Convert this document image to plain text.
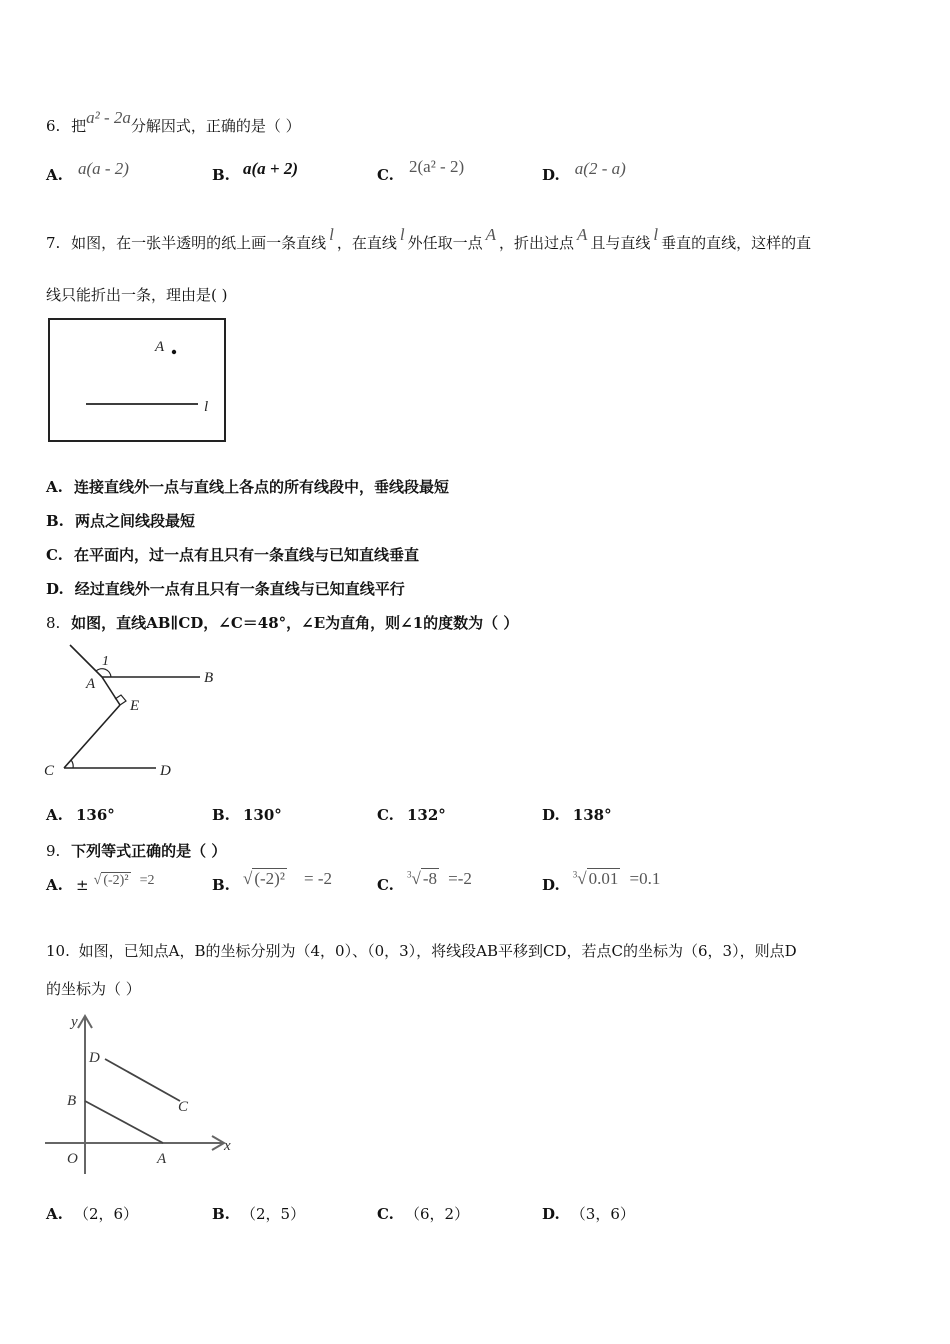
6. 把a² - 2a分解因式，正确的是（ ）
A. a(a - 2)	B. a(a + 2)	C. 2(a² - 2)	D. a(2 - a)
7. 如图，在一张半透明的纸上画一条直线 l ，在直线 l 外任取一点 A ，折出过点 A 且与直线 l 垂直的直线，这样的直
线只能折出一条，理由是( )
A
l
A. 连接直线外一点与直线上各点的所有线段中，垂线段最短
B. 两点之间线段最短
C. 在平面内，过一点有且只有一条直线与已知直线垂直
D. 经过直线外一点有且只有一条直线与已知直线平行
8. 如图，直线AB∥CD，∠C＝48°，∠E为直角，则∠1的度数为（ ）
1
A	B
E
C	D
A. 136°	B. 130°	C. 132°	D. 138°
9. 下列等式正确的是（ ）
A. ± √ (-2)² =2	B. √ (-2)² = -2	C. $^3$√ -8 =-2	D. $^3$√ 0.01 =0.1
10. 如图，已知点A，B的坐标分别为（4，0）、（0，3），将线段AB平移到CD，若点C的坐标为（6，3），则点D
的坐标为（ ）
y
x
O	A
B	C
D
A. （2，6）	B. （2，5）	C. （6，2）	D. （3，6）
